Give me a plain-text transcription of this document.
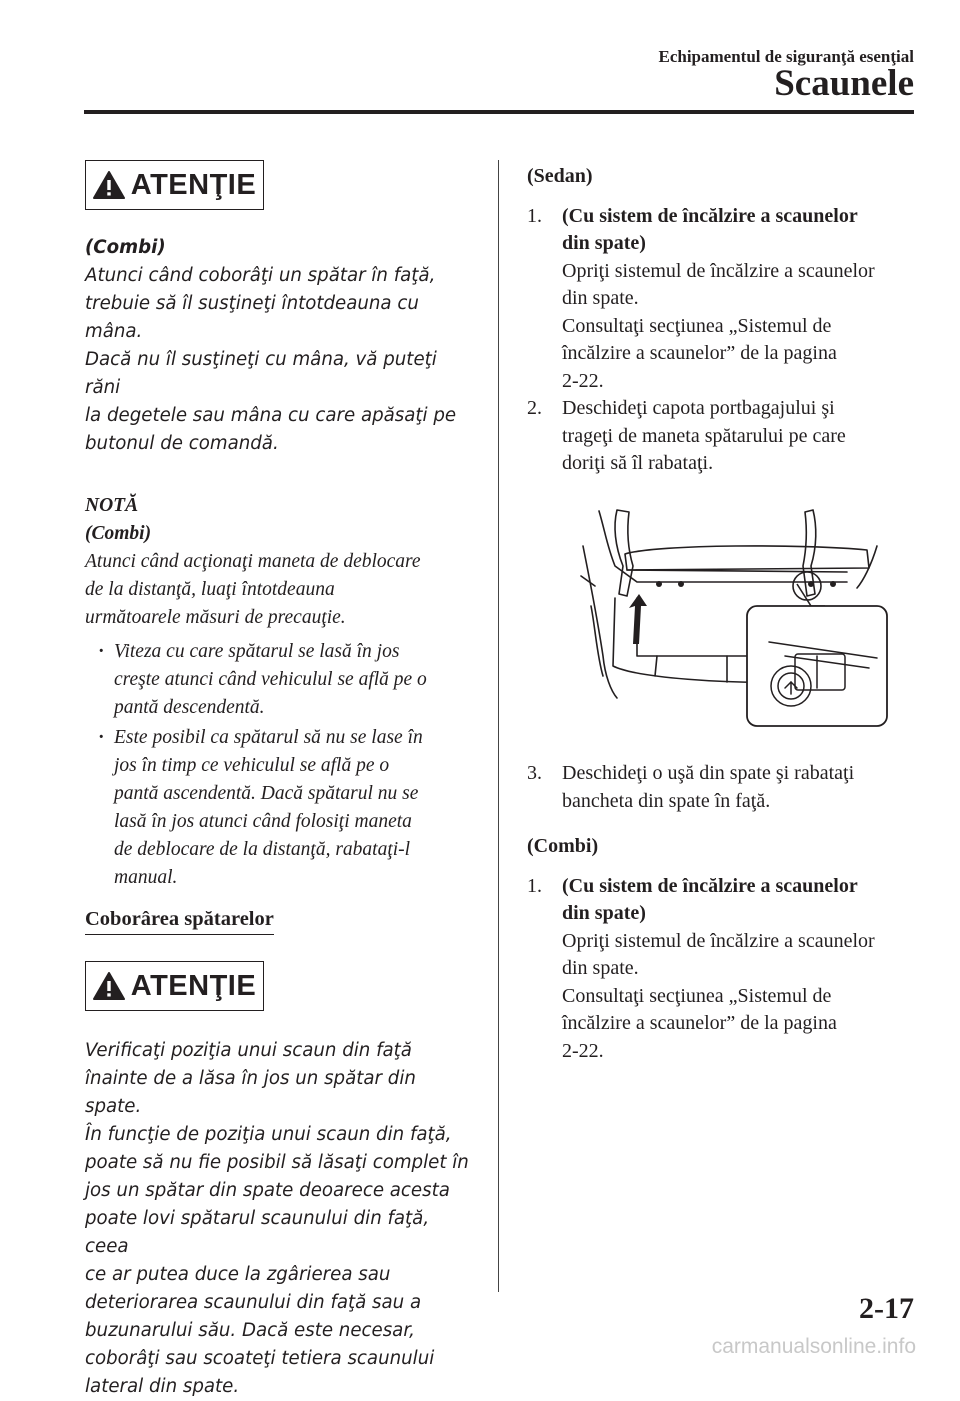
Echipamentul de siguranţă esenţial
Scaunele
ATENŢIE
(Combi)
Atunci când coborâţi un spătar în faţă,
trebuie să îl susţineţi întotdeauna cu mâna.
Dacă nu îl susţineţi cu mâna, vă puteţi răni
la degetele sau mâna cu care apăsaţi pe
butonul de comandă.
NOTĂ
(Combi)
Atunci când acţionaţi maneta de deblocare
de la distanţă, luaţi întotdeauna
următoarele măsuri de precauţie.
· Viteza cu care spătarul se lasă în jos
creşte atunci când vehiculul se află pe o
pantă descendentă.
· Este posibil ca spătarul să nu se lase în
jos în timp ce vehiculul se află pe o
pantă ascendentă. Dacă spătarul nu se
lasă în jos atunci când folosiţi maneta
de deblocare de la distanţă, rabataţi-l
manual.
Coborârea spătarelor
ATENŢIE
Verificaţi poziţia unui scaun din faţă
înainte de a lăsa în jos un spătar din spate.
În funcţie de poziţia unui scaun din faţă,
poate să nu fie posibil să lăsaţi complet în
jos un spătar din spate deoarece acesta
poate lovi spătarul scaunului din faţă, ceea
ce ar putea duce la zgârierea sau
deteriorarea scaunului din faţă sau a
buzunarului său. Dacă este necesar,
coborâţi sau scoateţi tetiera scaunului
lateral din spate.
(Sedan)
1.	(Cu sistem de încălzire a scaunelor
din spate)
Opriţi sistemul de încălzire a scaunelor
din spate.
Consultaţi secţiunea „Sistemul de
încălzire a scaunelor” de la pagina
2-22.
2.	Deschideţi capota portbagajului şi
trageţi de maneta spătarului pe care
doriţi să îl rabataţi.
3.	Deschideţi o uşă din spate şi rabataţi
bancheta din spate în faţă.
(Combi)
1.	(Cu sistem de încălzire a scaunelor
din spate)
Opriţi sistemul de încălzire a scaunelor
din spate.
Consultaţi secţiunea „Sistemul de
încălzire a scaunelor” de la pagina
2-22.
2-17
carmanualsonline.info
